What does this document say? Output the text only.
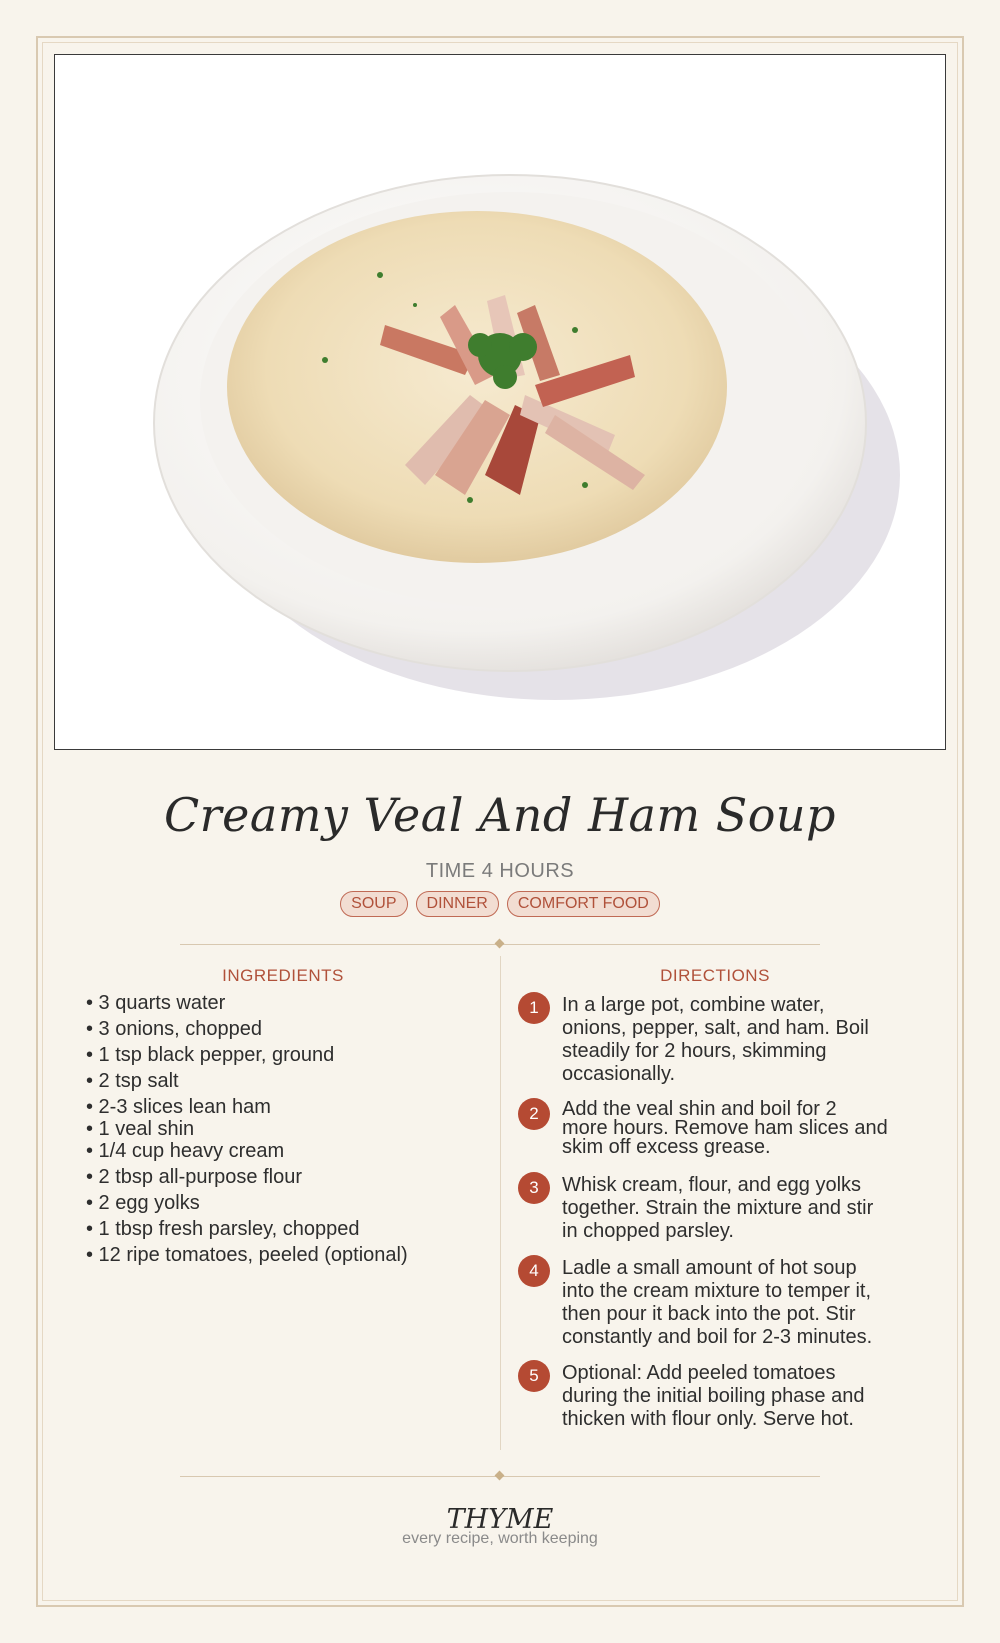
Creamy Veal And Ham Soup
TIME 4 HOURS
SOUP	DINNER	COMFORT FOOD
INGREDIENTS
• 3 quarts water
• 3 onions, chopped
• 1 tsp black pepper, ground
• 2 tsp salt
• 2-3 slices lean ham
• 1 veal shin
• 1/4 cup heavy cream
• 2 tbsp all-purpose flour
• 2 egg yolks
• 1 tbsp fresh parsley, chopped
• 12 ripe tomatoes, peeled (optional)
DIRECTIONS
1	In a large pot, combine water,
onions, pepper, salt, and ham. Boil
steadily for 2 hours, skimming
occasionally.
2	Add the veal shin and boil for 2
more hours. Remove ham slices and
skim off excess grease.
3	Whisk cream, flour, and egg yolks
together. Strain the mixture and stir
in chopped parsley.
4	Ladle a small amount of hot soup
into the cream mixture to temper it,
then pour it back into the pot. Stir
constantly and boil for 2-3 minutes.
5	Optional: Add peeled tomatoes
during the initial boiling phase and
thicken with flour only. Serve hot.
THYME
every recipe, worth keeping
